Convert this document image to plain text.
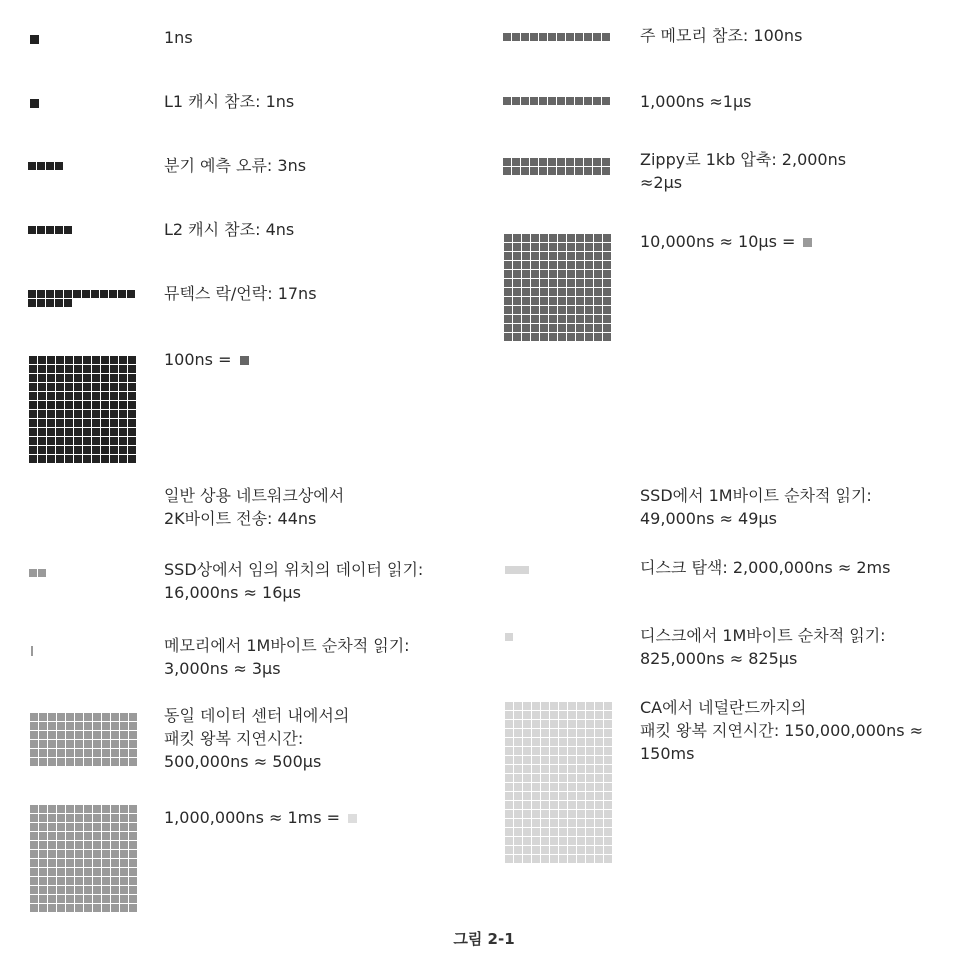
1ns
L1 캐시 참조: 1ns
분기 예측 오류: 3ns
L2 캐시 참조: 4ns
뮤텍스 락/언락: 17ns
100ns =
일반 상용 네트워크상에서
2K바이트 전송: 44ns
SSD상에서 임의 위치의 데이터 읽기:
16,000ns ≈ 16µs
메모리에서 1M바이트 순차적 읽기:
3,000ns ≈ 3µs
동일 데이터 센터 내에서의
패킷 왕복 지연시간:
500,000ns ≈ 500µs
1,000,000ns ≈ 1ms =
주 메모리 참조: 100ns
1,000ns ≈1µs
Zippy로 1kb 압축: 2,000ns
≈2µs
10,000ns ≈ 10µs =
SSD에서 1M바이트 순차적 읽기:
49,000ns ≈ 49µs
디스크 탐색: 2,000,000ns ≈ 2ms
디스크에서 1M바이트 순차적 읽기:
825,000ns ≈ 825µs
CA에서 네덜란드까지의
패킷 왕복 지연시간: 150,000,000ns ≈
150ms
그림 2-1
